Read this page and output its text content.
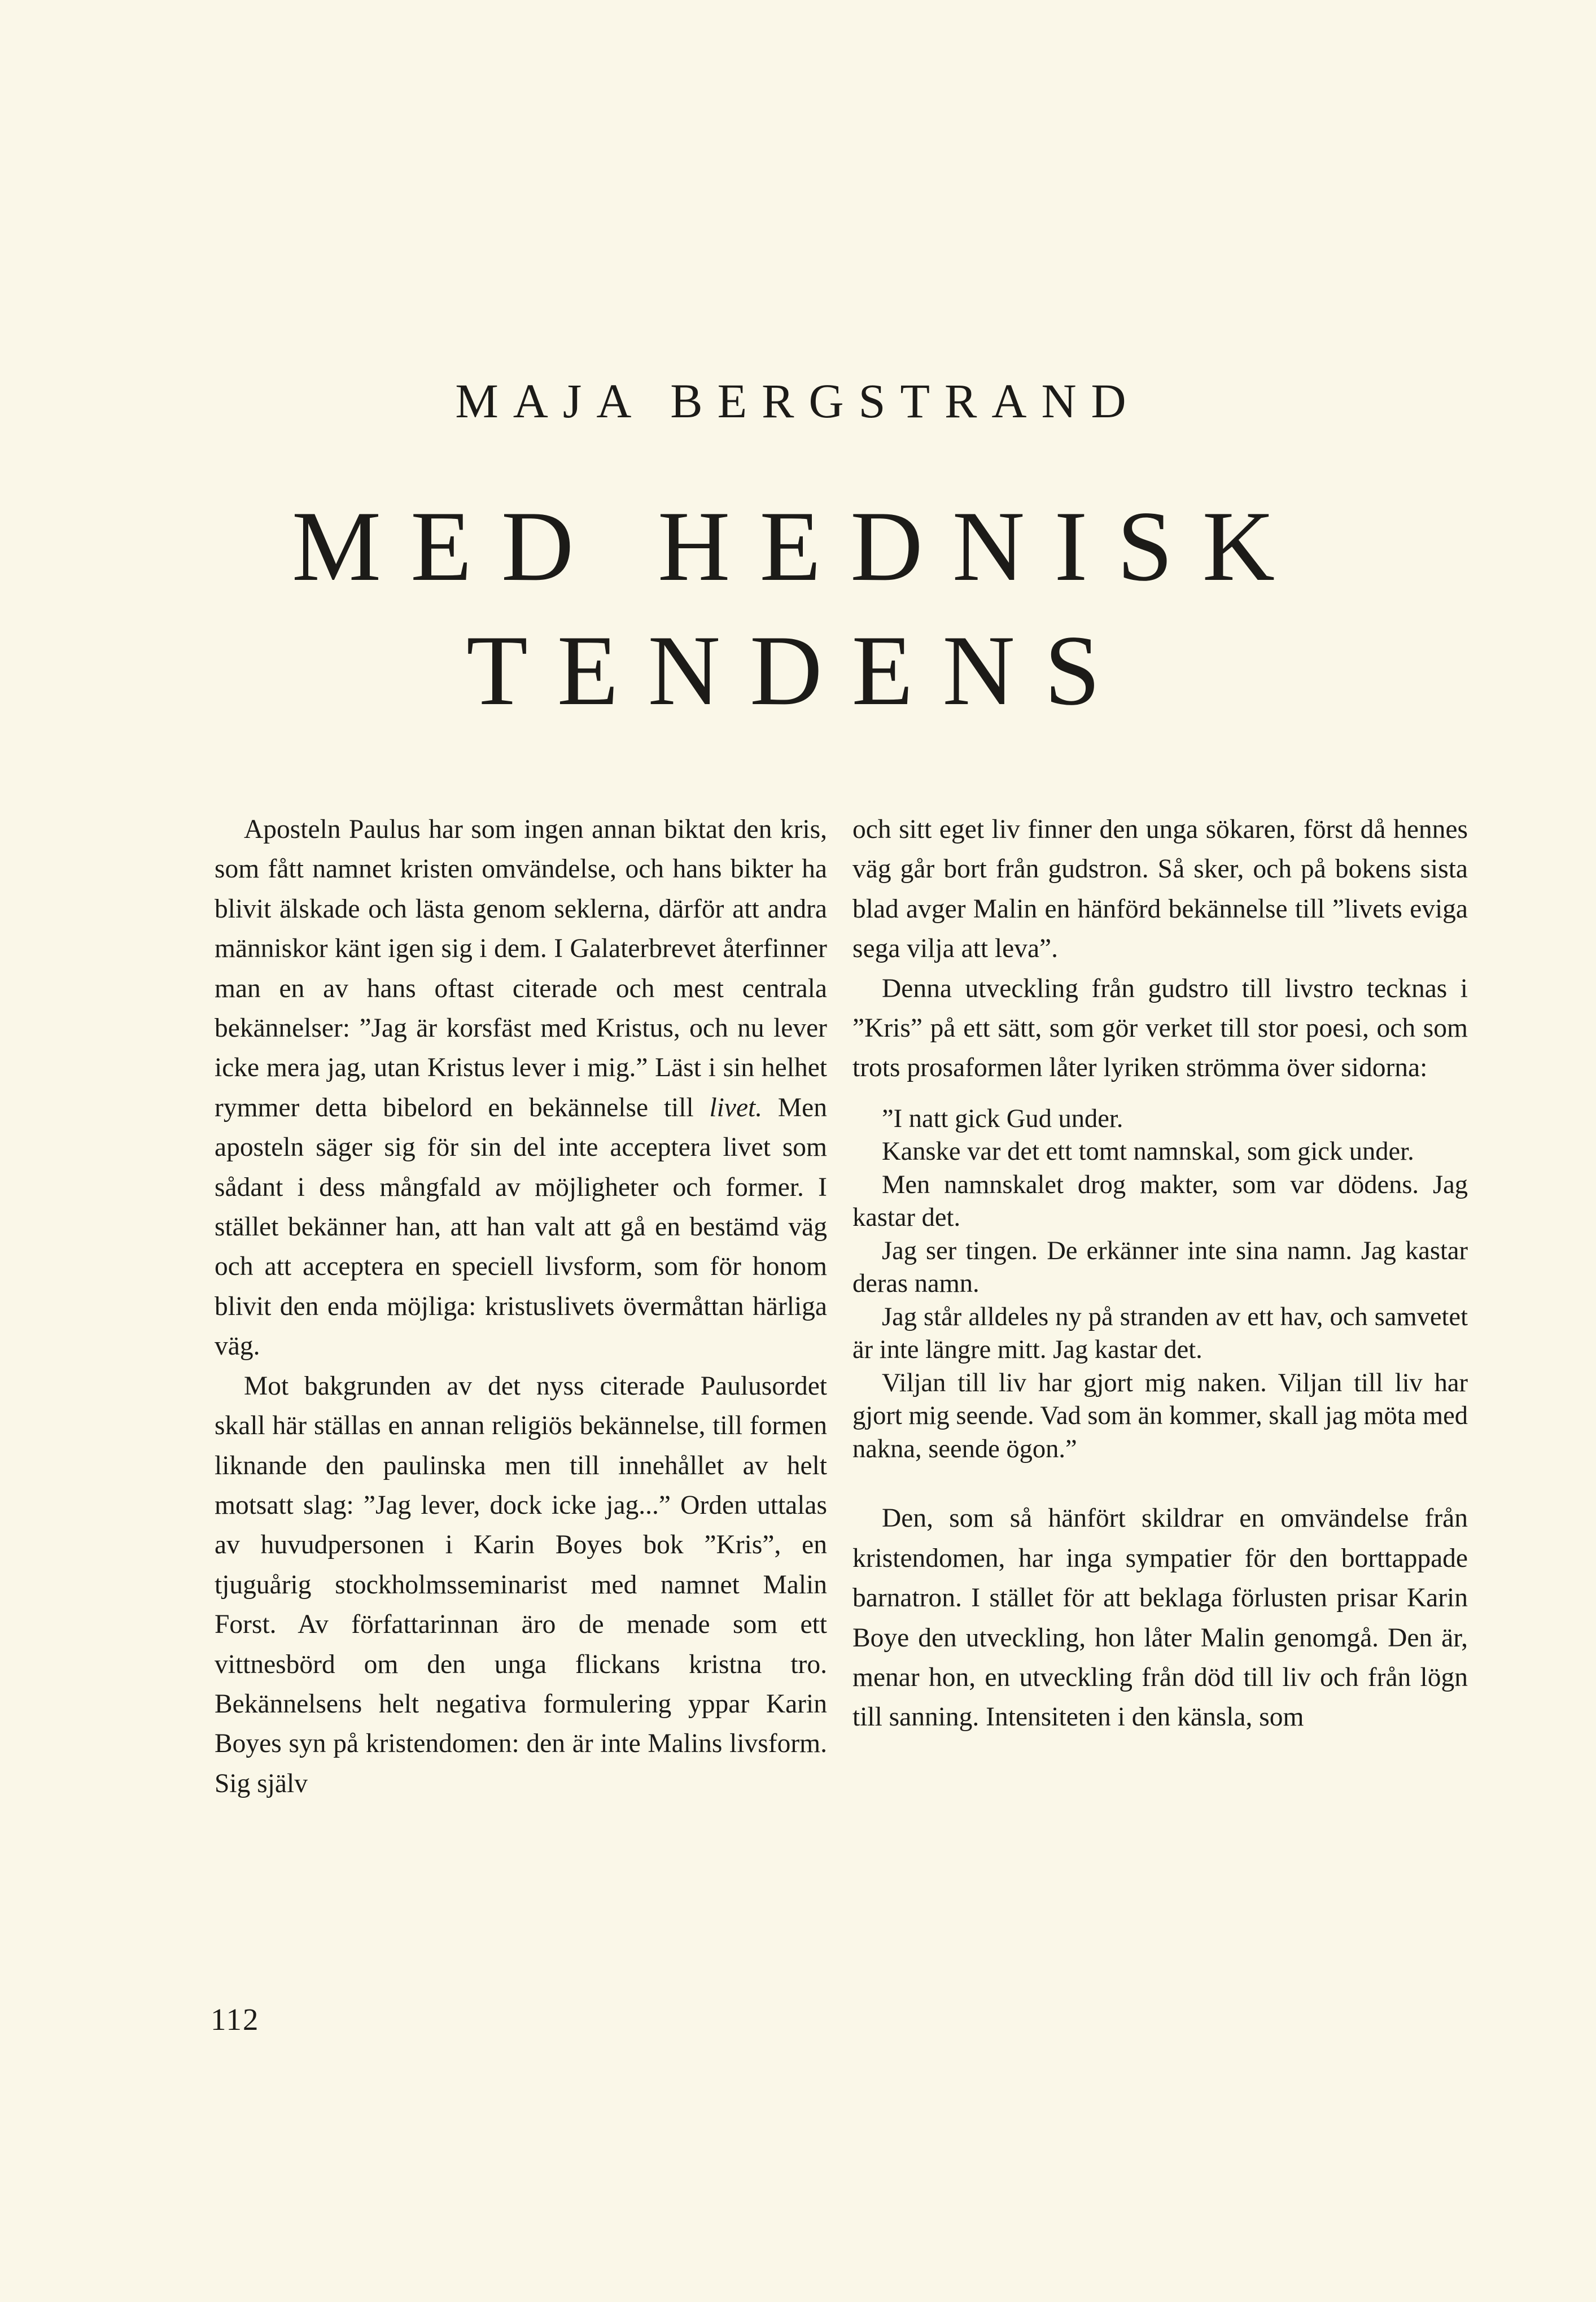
MAJA BERGSTRAND
MED HEDNISK
TENDENS

Aposteln Paulus har som ingen annan biktat den kris, som fått namnet kristen omvändelse, och hans bikter ha blivit älskade och lästa genom seklerna, därför att andra människor känt igen sig i dem. I Galaterbrevet återfinner man en av hans oftast citerade och mest centrala bekännelser: ”Jag är korsfäst med Kristus, och nu lever icke mera jag, utan Kristus lever i mig.” Läst i sin helhet rymmer detta bibelord en bekännelse till livet. Men aposteln säger sig för sin del inte acceptera livet som sådant i dess mångfald av möjligheter och former. I stället bekänner han, att han valt att gå en bestämd väg och att acceptera en speciell livsform, som för honom blivit den enda möjliga: kristuslivets övermåttan härliga väg.

Mot bakgrunden av det nyss citerade Paulusordet skall här ställas en annan religiös bekännelse, till formen liknande den paulinska men till innehållet av helt motsatt slag: ”Jag lever, dock icke jag...” Orden uttalas av huvudpersonen i Karin Boyes bok ”Kris”, en tjuguårig stockholmsseminarist med namnet Malin Forst. Av författarinnan äro de menade som ett vittnesbörd om den unga flickans kristna tro. Bekännelsens helt negativa formulering yppar Karin Boyes syn på kristendomen: den är inte Malins livsform. Sig själv

och sitt eget liv finner den unga sökaren, först då hennes väg går bort från gudstron. Så sker, och på bokens sista blad avger Malin en hänförd bekännelse till ”livets eviga sega vilja att leva”.

Denna utveckling från gudstro till livstro tecknas i ”Kris” på ett sätt, som gör verket till stor poesi, och som trots prosaformen låter lyriken strömma över sidorna:

”I natt gick Gud under.

Kanske var det ett tomt namnskal, som gick under.

Men namnskalet drog makter, som var dödens. Jag kastar det.

Jag ser tingen. De erkänner inte sina namn. Jag kastar deras namn.

Jag står alldeles ny på stranden av ett hav, och samvetet är inte längre mitt. Jag kastar det.

Viljan till liv har gjort mig naken. Viljan till liv har gjort mig seende. Vad som än kommer, skall jag möta med nakna, seende ögon.”

Den, som så hänfört skildrar en omvändelse från kristendomen, har inga sympatier för den borttappade barnatron. I stället för att beklaga förlusten prisar Karin Boye den utveckling, hon låter Malin genomgå. Den är, menar hon, en utveckling från död till liv och från lögn till sanning. Intensiteten i den känsla, som

112
